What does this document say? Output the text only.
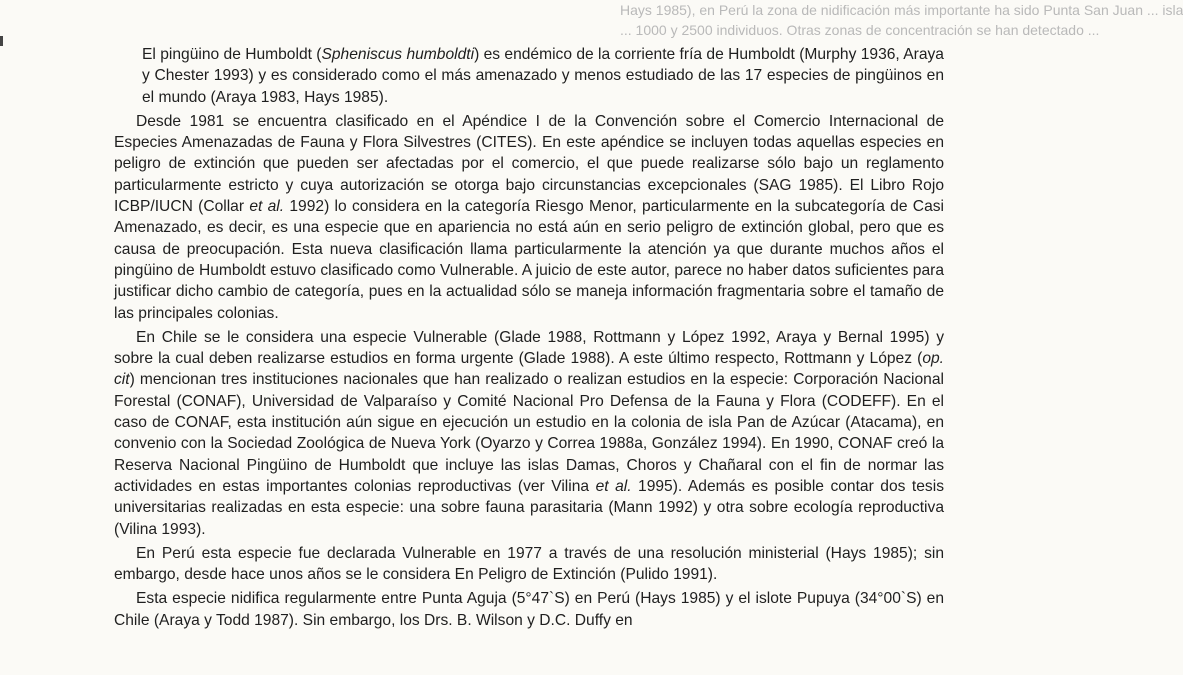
Hays 1985), en Perú la zona de nidificación más importante ha sido Punta San Juan ... isla
... 1000 y 2500 individuos. Otras zonas de concentración se han detectado ...

El pingüino de Humboldt (Spheniscus humboldti) es endémico de la corriente fría de Humboldt (Murphy 1936, Araya y Chester 1993) y es considerado como el más amenazado y menos estudiado de las 17 especies de pingüinos en el mundo (Araya 1983, Hays 1985).

Desde 1981 se encuentra clasificado en el Apéndice I de la Convención sobre el Comercio Internacional de Especies Amenazadas de Fauna y Flora Silvestres (CITES). En este apéndice se incluyen todas aquellas especies en peligro de extinción que pueden ser afectadas por el comercio, el que puede realizarse sólo bajo un reglamento particularmente estricto y cuya autorización se otorga bajo circunstancias excepcionales (SAG 1985). El Libro Rojo ICBP/IUCN (Collar et al. 1992) lo considera en la categoría Riesgo Menor, particularmente en la subcategoría de Casi Amenazado, es decir, es una especie que en apariencia no está aún en serio peligro de extinción global, pero que es causa de preocupación. Esta nueva clasificación llama particularmente la atención ya que durante muchos años el pingüino de Humboldt estuvo clasificado como Vulnerable. A juicio de este autor, parece no haber datos suficientes para justificar dicho cambio de categoría, pues en la actualidad sólo se maneja información fragmentaria sobre el tamaño de las principales colonias.

En Chile se le considera una especie Vulnerable (Glade 1988, Rottmann y López 1992, Araya y Bernal 1995) y sobre la cual deben realizarse estudios en forma urgente (Glade 1988). A este último respecto, Rottmann y López (op. cit) mencionan tres instituciones nacionales que han realizado o realizan estudios en la especie: Corporación Nacional Forestal (CONAF), Universidad de Valparaíso y Comité Nacional Pro Defensa de la Fauna y Flora (CODEFF). En el caso de CONAF, esta institución aún sigue en ejecución un estudio en la colonia de isla Pan de Azúcar (Atacama), en convenio con la Sociedad Zoológica de Nueva York (Oyarzo y Correa 1988a, González 1994). En 1990, CONAF creó la Reserva Nacional Pingüino de Humboldt que incluye las islas Damas, Choros y Chañaral con el fin de normar las actividades en estas importantes colonias reproductivas (ver Vilina et al. 1995). Además es posible contar dos tesis universitarias realizadas en esta especie: una sobre fauna parasitaria (Mann 1992) y otra sobre ecología reproductiva (Vilina 1993).

En Perú esta especie fue declarada Vulnerable en 1977 a través de una resolución ministerial (Hays 1985); sin embargo, desde hace unos años se le considera En Peligro de Extinción (Pulido 1991).

Esta especie nidifica regularmente entre Punta Aguja (5°47`S) en Perú (Hays 1985) y el islote Pupuya (34°00`S) en Chile (Araya y Todd 1987). Sin embargo, los Drs. B. Wilson y D.C. Duffy en
